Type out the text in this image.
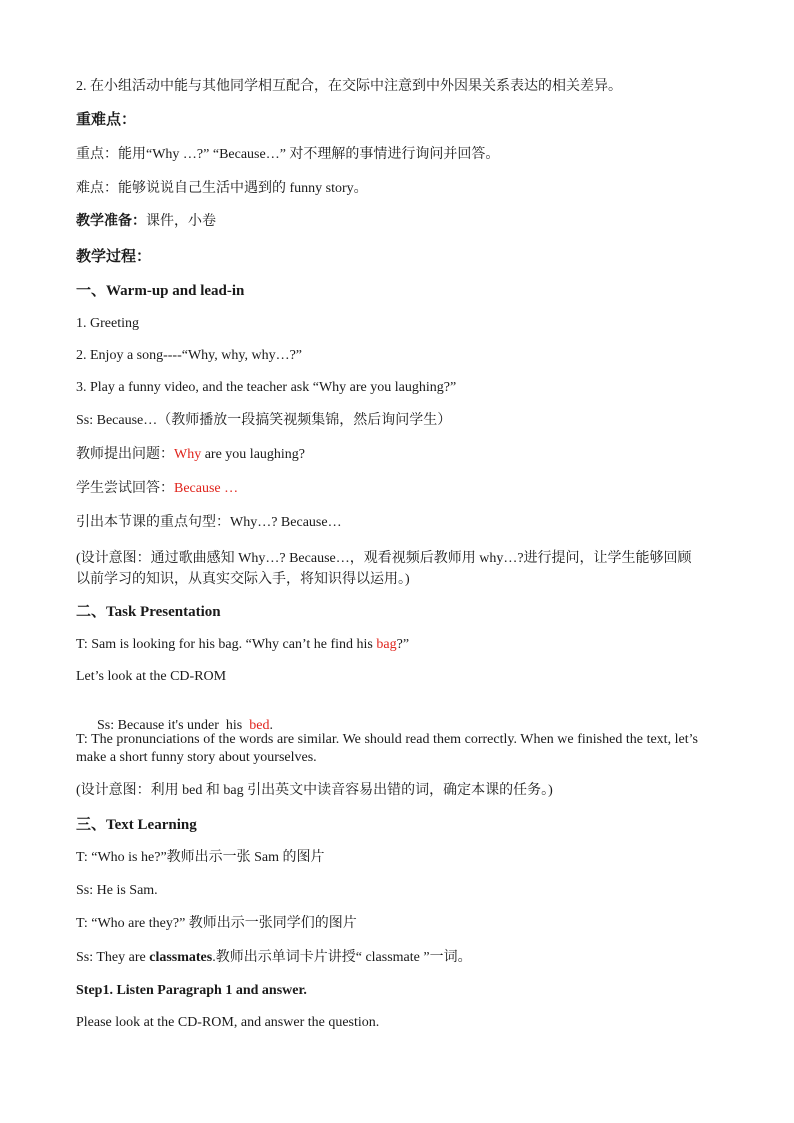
2. 在小组活动中能与其他同学相互配合，在交际中注意到中外因果关系表达的相关差异。
重难点：
重点：能用“Why …?” “Because…” 对不理解的事情进行询问并回答。
难点：能够说说自己生活中遇到的 funny story。
教学准备：课件，小卷
教学过程：
一、Warm-up and lead-in
1. Greeting
2. Enjoy a song----“Why, why, why…?”
3. Play a funny video, and the teacher ask “Why are you laughing?”
Ss: Because…（教师播放一段搞笑视频集锦，然后询问学生）
教师提出问题：Why are you laughing?
学生尝试回答：Because …
引出本节课的重点句型：Why…? Because…
(设计意图：通过歌曲感知 Why…? Because…，观看视频后教师用 why…?进行提问，让学生能够回顾以前学习的知识，从真实交际入手，将知识得以运用。)
二、Task Presentation
T: Sam is looking for his bag. “Why can’t he find his bag?”
Let’s look at the CD-ROM

Ss: Because it's under  his  bed.

T: The pronunciations of the words are similar. We should read them correctly. When we finished the text, let’s make a short funny story about yourselves.
(设计意图：利用 bed 和 bag 引出英文中读音容易出错的词，确定本课的任务。)
三、Text Learning
T: “Who is he?”教师出示一张 Sam 的图片
Ss: He is Sam.
T: “Who are they?” 教师出示一张同学们的图片
Ss: They are classmates.教师出示单词卡片讲授“ classmate ”一词。
Step1. Listen Paragraph 1 and answer.
Please look at the CD-ROM, and answer the question.
